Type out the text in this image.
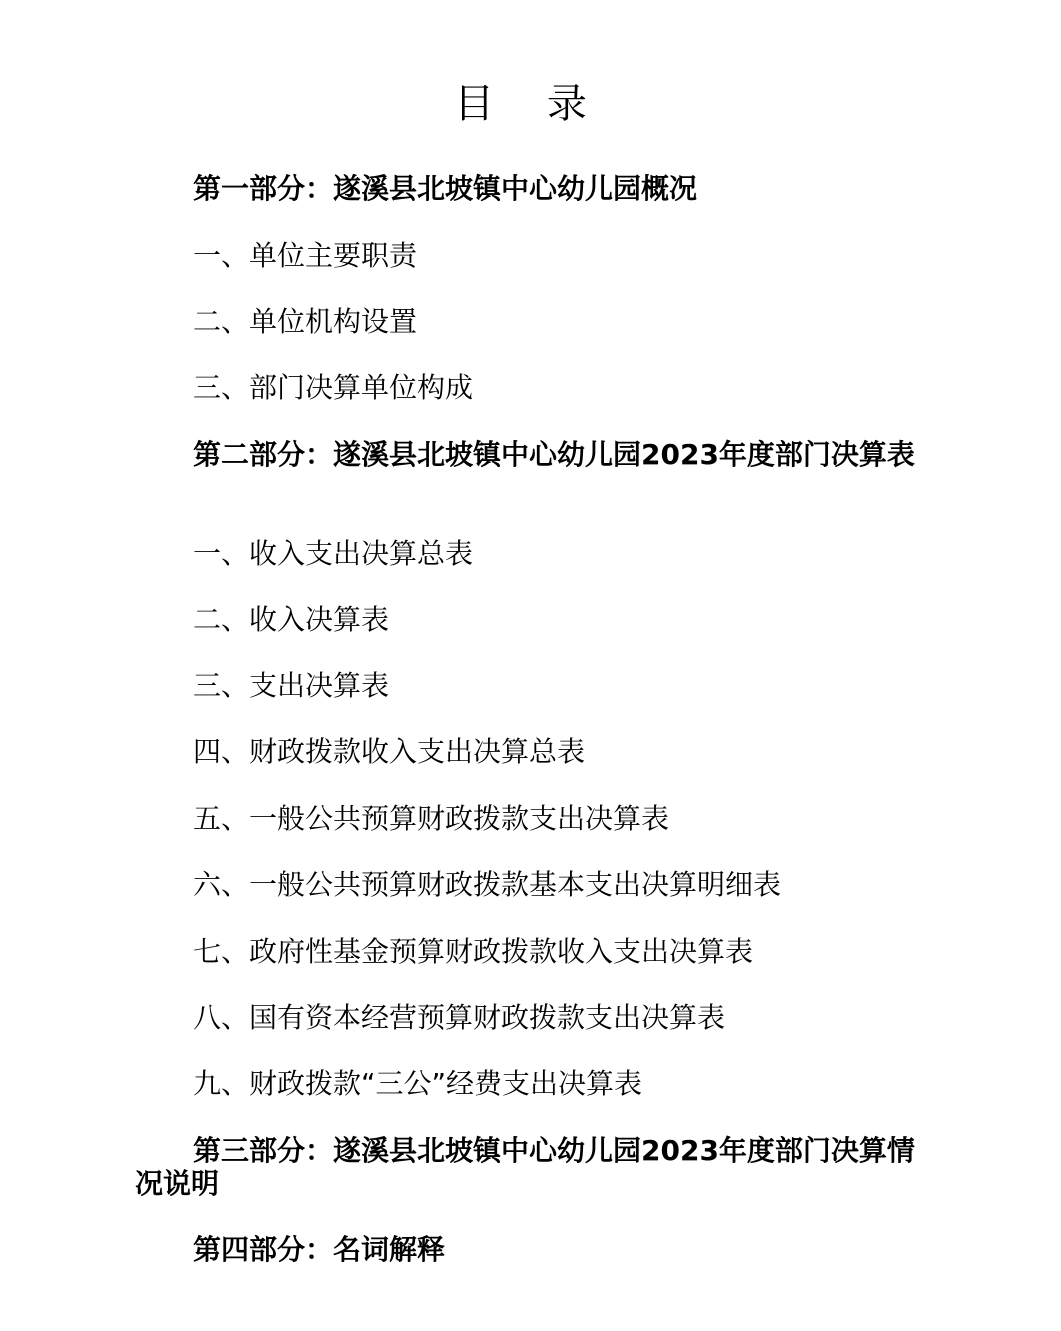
目 录
第一部分：遂溪县北坡镇中心幼儿园概况
一、单位主要职责
二、单位机构设置
三、部门决算单位构成
第二部分：遂溪县北坡镇中心幼儿园2023年度部门决算表
一、收入支出决算总表
二、收入决算表
三、支出决算表
四、财政拨款收入支出决算总表
五、一般公共预算财政拨款支出决算表
六、一般公共预算财政拨款基本支出决算明细表
七、政府性基金预算财政拨款收入支出决算表
八、国有资本经营预算财政拨款支出决算表
九、财政拨款“三公”经费支出决算表
第三部分：遂溪县北坡镇中心幼儿园2023年度部门决算情况说明
第四部分：名词解释
